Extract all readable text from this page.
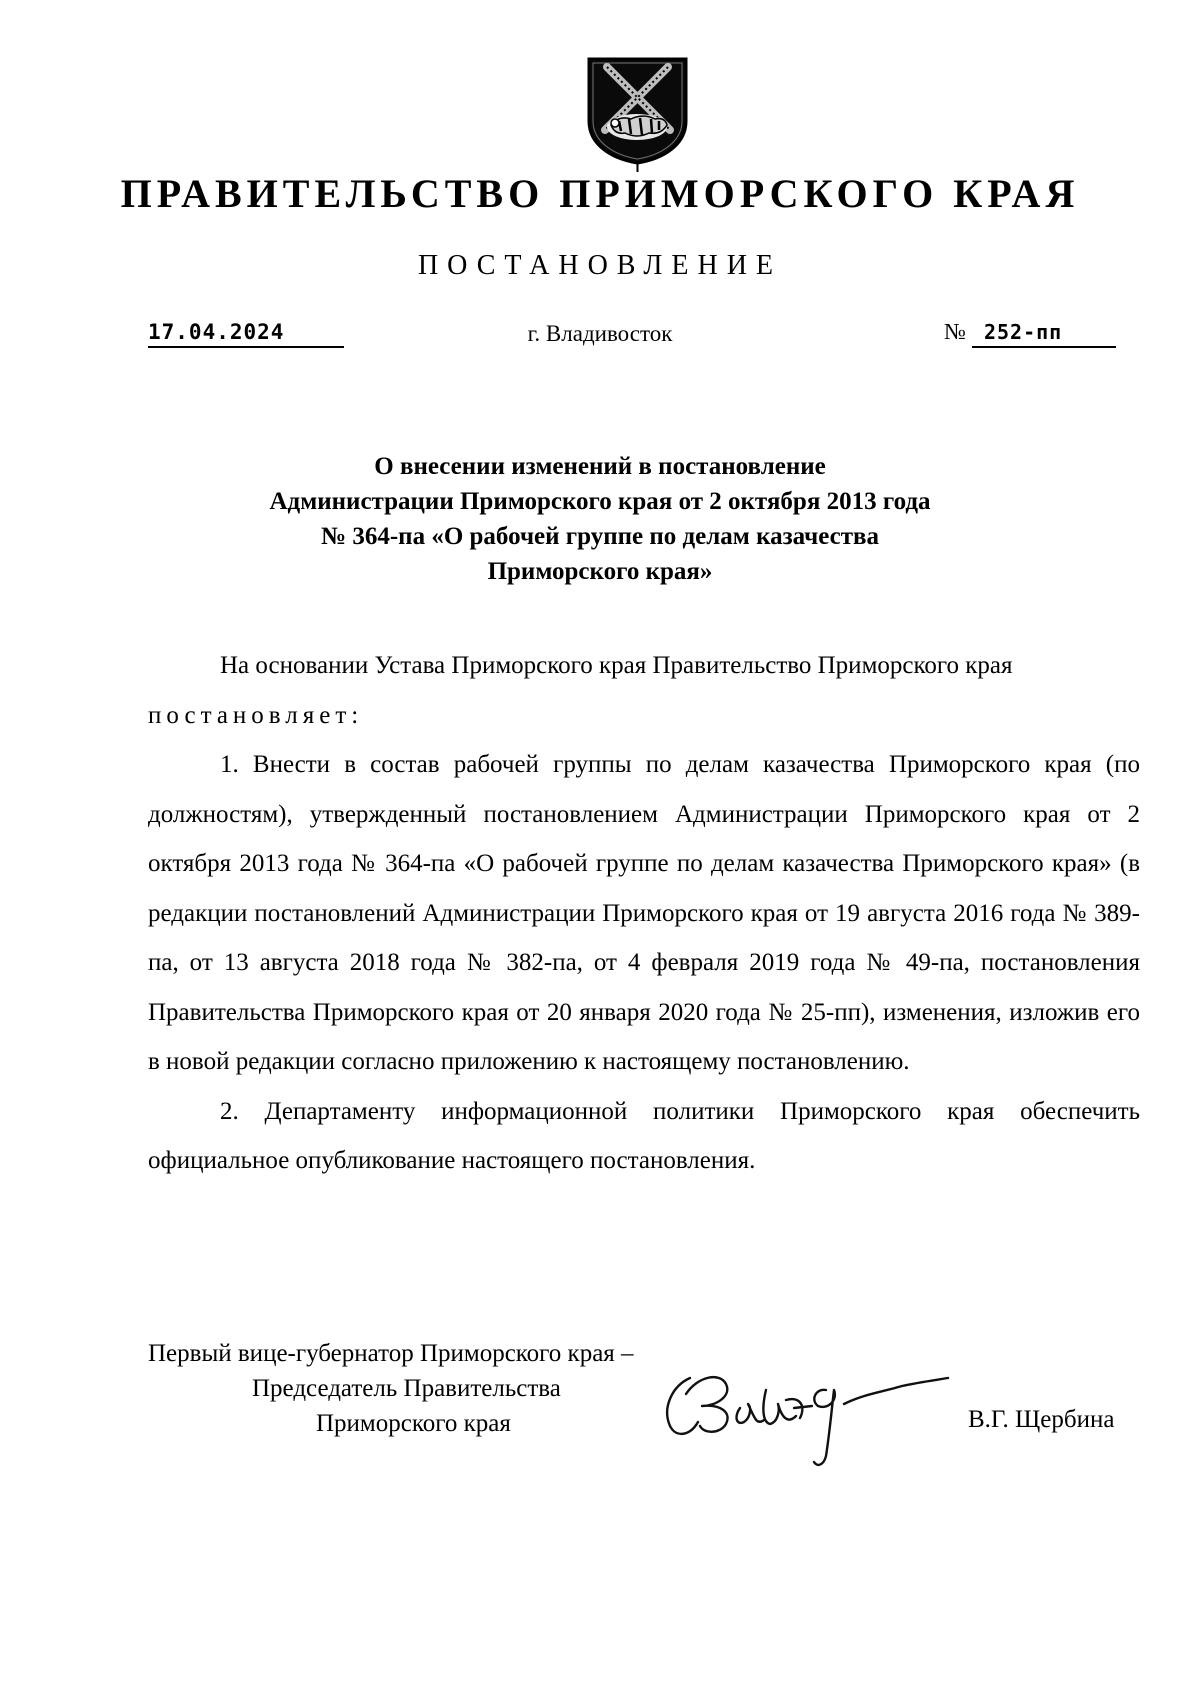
ПРАВИТЕЛЬСТВО ПРИМОРСКОГО КРАЯ
ПОСТАНОВЛЕНИЕ
17.04.2024	г. Владивосток	№ 252-пп
О внесении изменений в постановление
Администрации Приморского края от 2 октября 2013 года
№ 364-па «О рабочей группе по делам казачества
Приморского края»

На основании Устава Приморского края Правительство Приморского края

постановляет:

1. Внести в состав рабочей группы по делам казачества Приморского края (по должностям), утвержденный постановлением Администрации Приморского края от 2 октября 2013 года № 364-па «О рабочей группе по делам казачества Приморского края» (в редакции постановлений Администрации Приморского края от 19 августа 2016 года № 389-па, от 13 августа 2018 года № 382-па, от 4 февраля 2019 года № 49-па, постановления Правительства Приморского края от 20 января 2020 года № 25-пп), изменения, изложив его в новой редакции согласно приложению к настоящему постановлению.

2. Департаменту информационной политики Приморского края обеспечить официальное опубликование настоящего постановления.

Первый вице-губернатор Приморского края –
Председатель Правительства
Приморского края	В.Г. Щербина
